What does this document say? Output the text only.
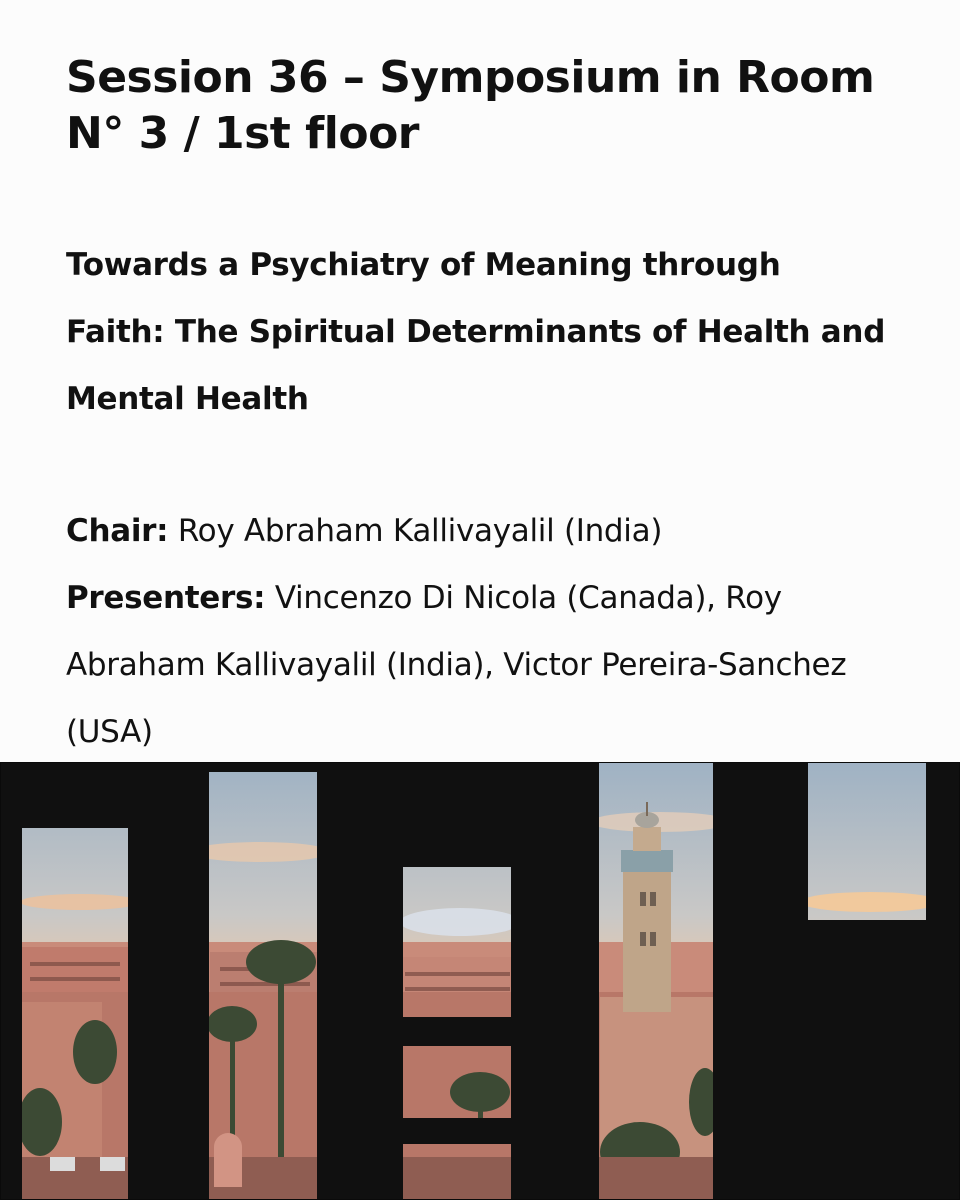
Session 36 – Symposium in Room N° 3 / 1st floor
Towards a Psychiatry of Meaning through Faith: The Spiritual Determinants of Health and Mental Health

Chair: Roy Abraham Kallivayalil (India)

Presenters: Vincenzo Di Nicola (Canada), Roy Abraham Kallivayalil (India), Victor Pereira-Sanchez (USA)
